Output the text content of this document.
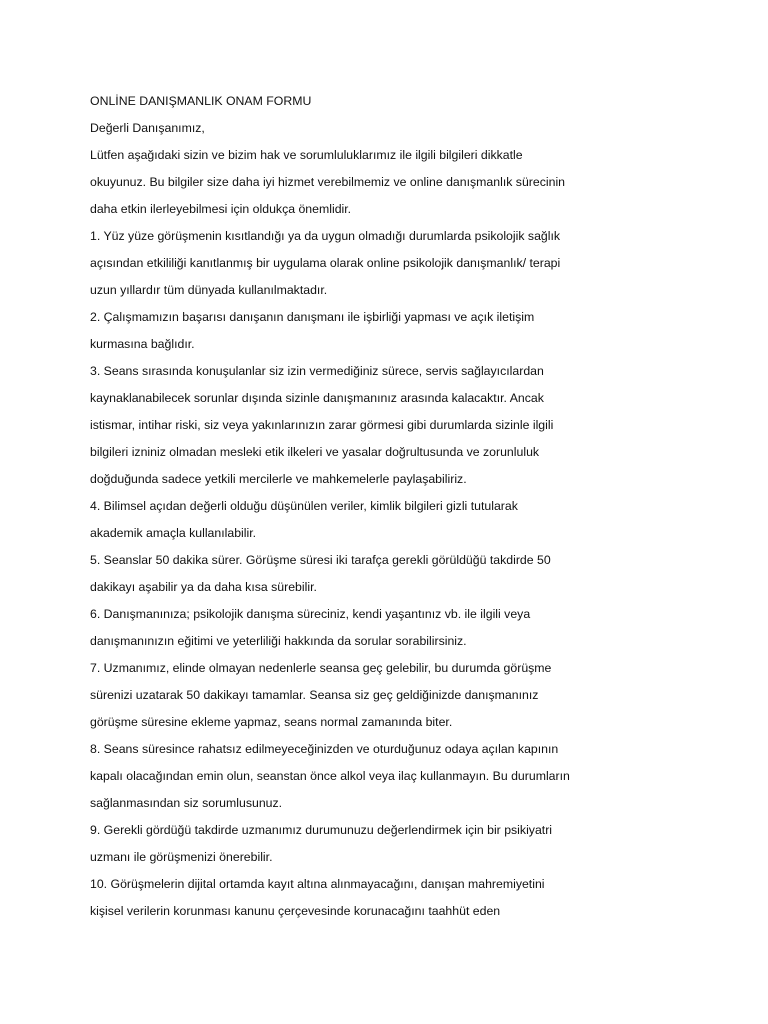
ONLİNE DANIŞMANLIK ONAM FORMU
Değerli Danışanımız,
Lütfen aşağıdaki sizin ve bizim hak ve sorumluluklarımız ile ilgili bilgileri dikkatle
okuyunuz. Bu bilgiler size daha iyi hizmet verebilmemiz ve online danışmanlık sürecinin
daha etkin ilerleyebilmesi için oldukça önemlidir.
1. Yüz yüze görüşmenin kısıtlandığı ya da uygun olmadığı durumlarda psikolojik sağlık
açısından etkililiği kanıtlanmış bir uygulama olarak online psikolojik danışmanlık/ terapi
uzun yıllardır tüm dünyada kullanılmaktadır.
2. Çalışmamızın başarısı danışanın danışmanı ile işbirliği yapması ve açık iletişim
kurmasına bağlıdır.
3. Seans sırasında konuşulanlar siz izin vermediğiniz sürece, servis sağlayıcılardan
kaynaklanabilecek sorunlar dışında sizinle danışmanınız arasında kalacaktır. Ancak
istismar, intihar riski, siz veya yakınlarınızın zarar görmesi gibi durumlarda sizinle ilgili
bilgileri izniniz olmadan mesleki etik ilkeleri ve yasalar doğrultusunda ve zorunluluk
doğduğunda sadece yetkili mercilerle ve mahkemelerle paylaşabiliriz.
4. Bilimsel açıdan değerli olduğu düşünülen veriler, kimlik bilgileri gizli tutularak
akademik amaçla kullanılabilir.
5. Seanslar 50 dakika sürer. Görüşme süresi iki tarafça gerekli görüldüğü takdirde 50
dakikayı aşabilir ya da daha kısa sürebilir.
6. Danışmanınıza; psikolojik danışma süreciniz, kendi yaşantınız vb. ile ilgili veya
danışmanınızın eğitimi ve yeterliliği hakkında da sorular sorabilirsiniz.
7. Uzmanımız, elinde olmayan nedenlerle seansa geç gelebilir, bu durumda görüşme
sürenizi uzatarak 50 dakikayı tamamlar. Seansa siz geç geldiğinizde danışmanınız
görüşme süresine ekleme yapmaz, seans normal zamanında biter.
8. Seans süresince rahatsız edilmeyeceğinizden ve oturduğunuz odaya açılan kapının
kapalı olacağından emin olun, seanstan önce alkol veya ilaç kullanmayın. Bu durumların
sağlanmasından siz sorumlusunuz.
9. Gerekli gördüğü takdirde uzmanımız durumunuzu değerlendirmek için bir psikiyatri
uzmanı ile görüşmenizi önerebilir.
10. Görüşmelerin dijital ortamda kayıt altına alınmayacağını, danışan mahremiyetini
kişisel verilerin korunması kanunu çerçevesinde korunacağını taahhüt eden
